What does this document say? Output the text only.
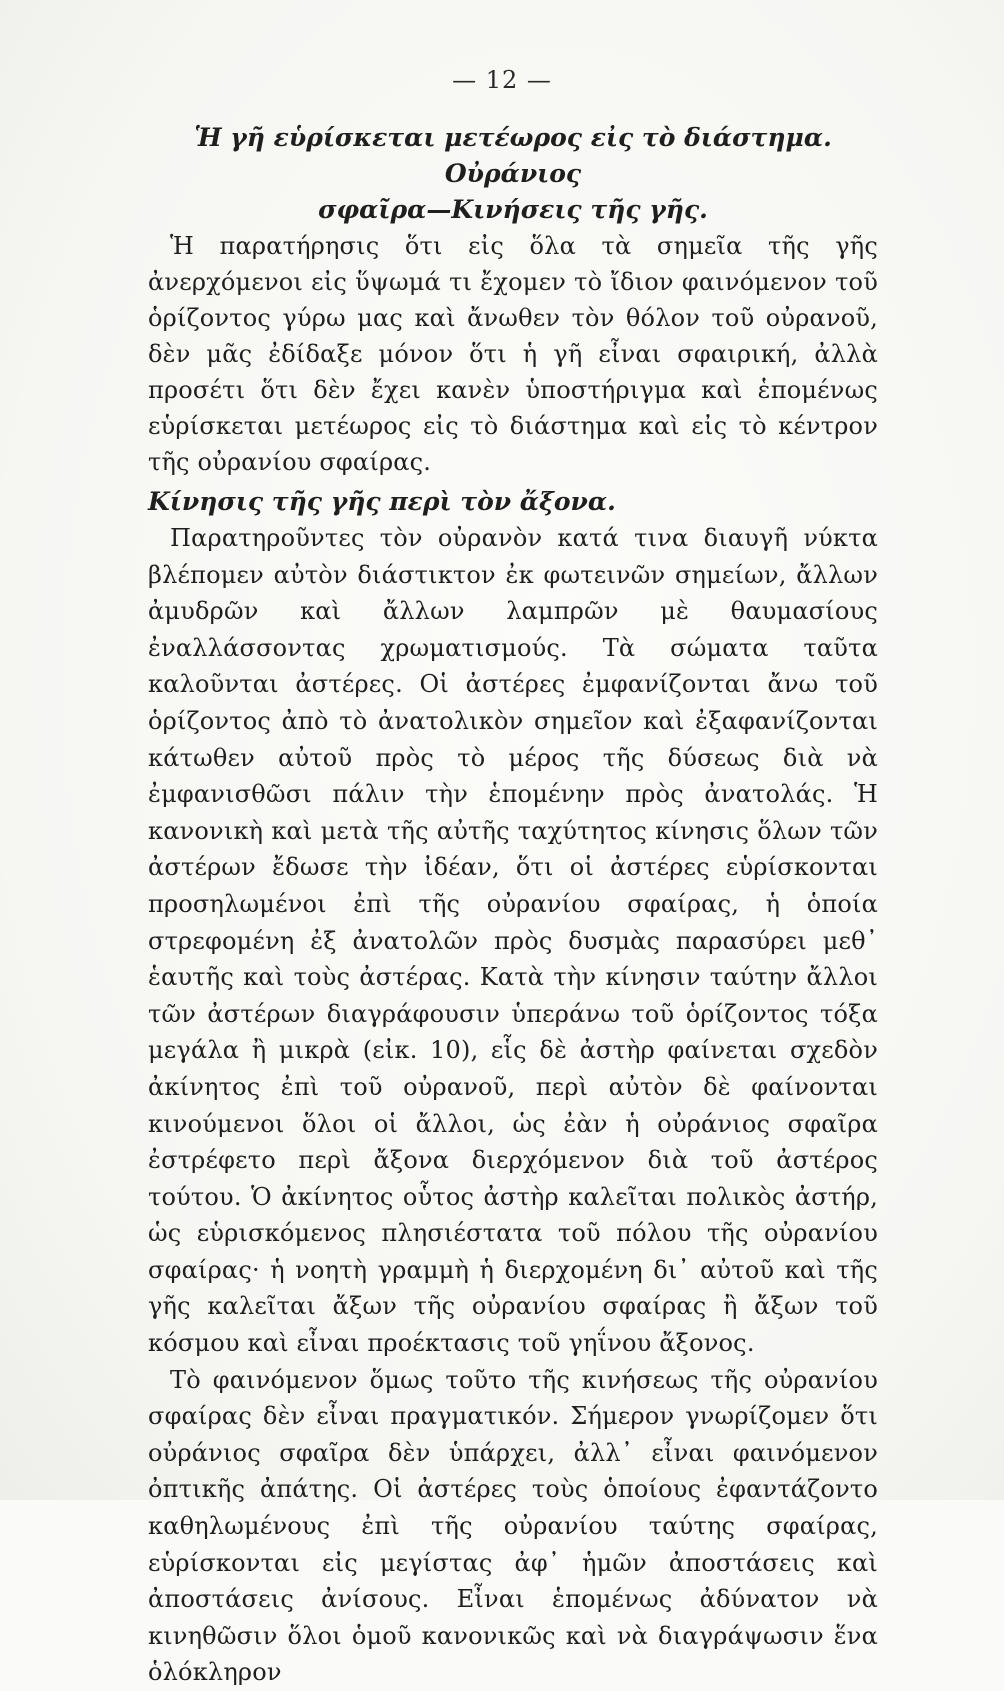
— 12 —

Ἡ γῆ εὑρίσκεται μετέωρος εἰς τὸ διάστημα. Οὐράνιος
σφαῖρα—Κινήσεις τῆς γῆς.

Ἡ παρατήρησις ὅτι εἰς ὅλα τὰ σημεῖα τῆς γῆς ἀνερχόμενοι εἰς ὕψωμά τι ἔχομεν τὸ ἴδιον φαινόμενον τοῦ ὁρίζοντος γύρω μας καὶ ἄνωθεν τὸν θόλον τοῦ οὐρανοῦ, δὲν μᾶς ἐδίδαξε μόνον ὅτι ἡ γῆ εἶναι σφαιρική, ἀλλὰ προσέτι ὅτι δὲν ἔχει κανὲν ὑποστήριγμα καὶ ἑπομένως εὑρίσκεται μετέωρος εἰς τὸ διάστημα καὶ εἰς τὸ κέντρον τῆς οὐρανίου σφαίρας.

Κίνησις τῆς γῆς περὶ τὸν ἄξονα.

Παρατηροῦντες τὸν οὐρανὸν κατά τινα διαυγῆ νύκτα βλέπομεν αὐτὸν διάστικτον ἐκ φωτεινῶν σημείων, ἄλλων ἀμυδρῶν καὶ ἄλλων λαμπρῶν μὲ θαυμασίους ἐναλλάσσοντας χρωματισμούς. Τὰ σώματα ταῦτα καλοῦνται ἀστέρες. Οἱ ἀστέρες ἐμφανίζονται ἄνω τοῦ ὁρίζοντος ἀπὸ τὸ ἀνατολικὸν σημεῖον καὶ ἐξαφανίζονται κάτωθεν αὐτοῦ πρὸς τὸ μέρος τῆς δύσεως διὰ νὰ ἐμφανισθῶσι πάλιν τὴν ἑπομένην πρὸς ἀνατολάς. Ἡ κανονικὴ καὶ μετὰ τῆς αὐτῆς ταχύτητος κίνησις ὅλων τῶν ἀστέρων ἔδωσε τὴν ἰδέαν, ὅτι οἱ ἀστέρες εὑρίσκονται προσηλωμένοι ἐπὶ τῆς οὐρανίου σφαίρας, ἡ ὁποία στρεφομένη ἐξ ἀνατολῶν πρὸς δυσμὰς παρασύρει μεθ᾽ ἑαυτῆς καὶ τοὺς ἀστέρας. Κατὰ τὴν κίνησιν ταύτην ἄλλοι τῶν ἀστέρων διαγράφουσιν ὑπεράνω τοῦ ὁρίζοντος τόξα μεγάλα ἢ μικρὰ (εἰκ. 10), εἷς δὲ ἀστὴρ φαίνεται σχεδὸν ἀκίνητος ἐπὶ τοῦ οὐρανοῦ, περὶ αὐτὸν δὲ φαίνονται κινούμενοι ὅλοι οἱ ἄλλοι, ὡς ἐὰν ἡ οὐράνιος σφαῖρα ἐστρέφετο περὶ ἄξονα διερχόμενον διὰ τοῦ ἀστέρος τούτου. Ὁ ἀκίνητος οὗτος ἀστὴρ καλεῖται πολικὸς ἀστήρ, ὡς εὑρισκόμενος πλησιέστατα τοῦ πόλου τῆς οὐρανίου σφαίρας· ἡ νοητὴ γραμμὴ ἡ διερχομένη δι᾽ αὐτοῦ καὶ τῆς γῆς καλεῖται ἄξων τῆς οὐρανίου σφαίρας ἢ ἄξων τοῦ κόσμου καὶ εἶναι προέκτασις τοῦ γηΐνου ἄξονος.

Τὸ φαινόμενον ὅμως τοῦτο τῆς κινήσεως τῆς οὐρανίου σφαίρας δὲν εἶναι πραγματικόν. Σήμερον γνωρίζομεν ὅτι οὐράνιος σφαῖρα δὲν ὑπάρχει, ἀλλ᾽ εἶναι φαινόμενον ὀπτικῆς ἀπάτης. Οἱ ἀστέρες τοὺς ὁποίους ἐφαντάζοντο καθηλωμένους ἐπὶ τῆς οὐρανίου ταύτης σφαίρας, εὑρίσκονται εἰς μεγίστας ἀφ᾽ ἡμῶν ἀποστάσεις καὶ ἀποστάσεις ἀνίσους. Εἶναι ἑπομένως ἀδύνατον νὰ κινηθῶσιν ὅλοι ὁμοῦ κανονικῶς καὶ νὰ διαγράψωσιν ἕνα ὁλόκληρον
